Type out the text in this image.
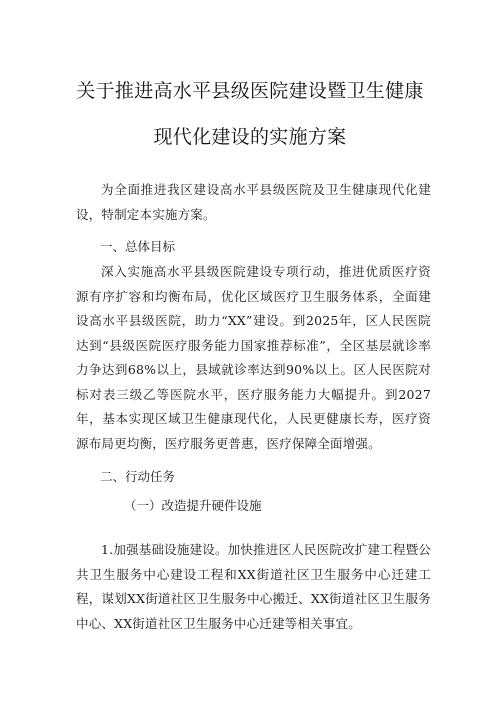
关于推进高水平县级医院建设暨卫生健康
现代化建设的实施方案
为全面推进我区建设高水平县级医院及卫生健康现代化建设，特制定本实施方案。
一、总体目标
深入实施高水平县级医院建设专项行动，推进优质医疗资源有序扩容和均衡布局，优化区域医疗卫生服务体系，全面建设高水平县级医院，助力“XX”建设。到2025年，区人民医院达到“县级医院医疗服务能力国家推荐标准”，全区基层就诊率力争达到68%以上，县域就诊率达到90%以上。区人民医院对标对表三级乙等医院水平，医疗服务能力大幅提升。到2027年，基本实现区域卫生健康现代化，人民更健康长寿，医疗资源布局更均衡，医疗服务更普惠，医疗保障全面增强。
二、行动任务
（一）改造提升硬件设施
1.加强基础设施建设。加快推进区人民医院改扩建工程暨公共卫生服务中心建设工程和XX街道社区卫生服务中心迁建工程，谋划XX街道社区卫生服务中心搬迁、XX街道社区卫生服务中心、XX街道社区卫生服务中心迁建等相关事宜。
